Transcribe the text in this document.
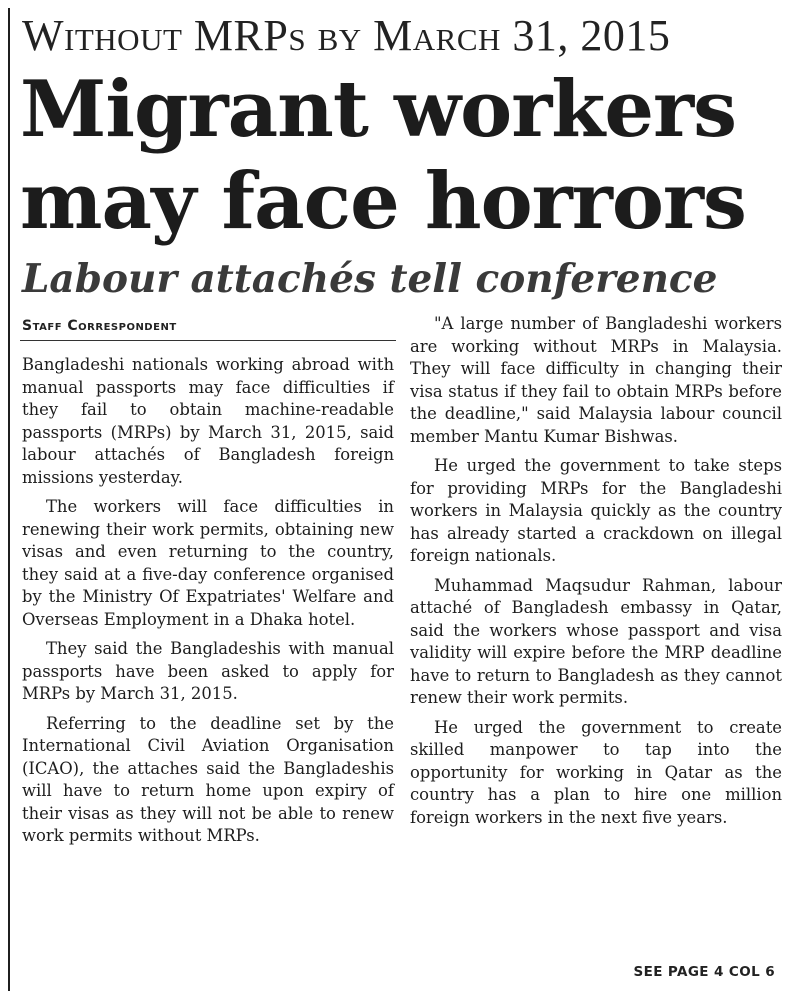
Without MRPs by March 31, 2015
Migrant workers
may face horrors
Labour attachés tell conference
Staff Correspondent

Bangladeshi nationals working abroad with manual passports may face difficulties if they fail to obtain machine-readable passports (MRPs) by March 31, 2015, said labour attachés of Bangladesh foreign missions yesterday.

The workers will face difficulties in renewing their work permits, obtaining new visas and even returning to the country, they said at a five-day conference organised by the Ministry Of Expatriates' Welfare and Overseas Employment in a Dhaka hotel.

They said the Bangladeshis with manual passports have been asked to apply for MRPs by March 31, 2015.

Referring to the deadline set by the International Civil Aviation Organisation (ICAO), the attaches said the Bangladeshis will have to return home upon expiry of their visas as they will not be able to renew work permits without MRPs.

"A large number of Bangladeshi workers are working without MRPs in Malaysia. They will face difficulty in changing their visa status if they fail to obtain MRPs before the deadline," said Malaysia labour council member Mantu Kumar Bishwas.

He urged the government to take steps for providing MRPs for the Bangladeshi workers in Malaysia quickly as the country has already started a crackdown on illegal foreign nationals.

Muhammad Maqsudur Rahman, labour attaché of Bangladesh embassy in Qatar, said the workers whose passport and visa validity will expire before the MRP deadline have to return to Bangladesh as they cannot renew their work permits.

He urged the government to create skilled manpower to tap into the opportunity for working in Qatar as the country has a plan to hire one million foreign workers in the next five years.

SEE PAGE 4 COL 6
